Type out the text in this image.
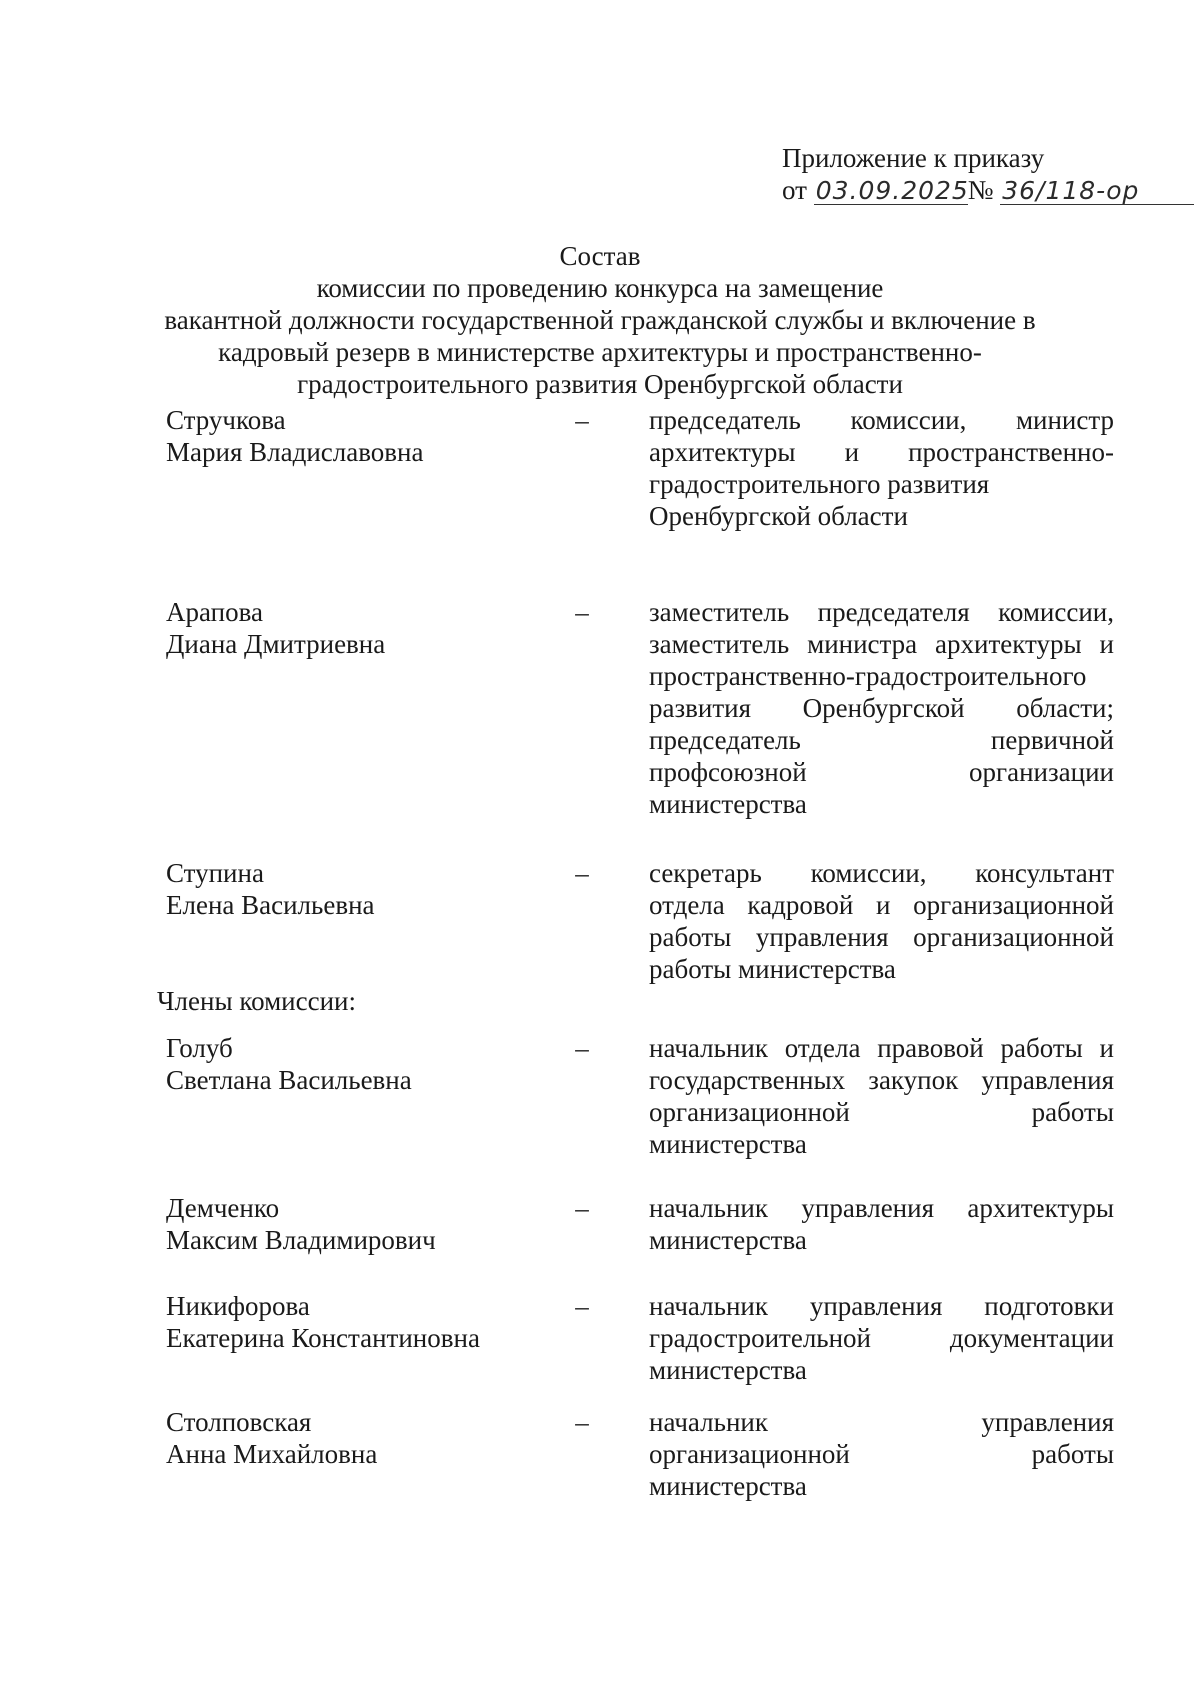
Приложение к приказу
от 03.09.2025№ 36/118-ор
Состав
комиссии по проведению конкурса на замещение
вакантной должности государственной гражданской службы и включение в
кадровый резерв в министерстве архитектуры и пространственно-
градостроительного развития Оренбургской области
Стручкова
Мария Владиславовна
–	председатель комиссии, министр
архитектуры и пространственно-
градостроительного развития
Оренбургской области
Арапова
Диана Дмитриевна
–	заместитель председателя комиссии,
заместитель министра архитектуры и
пространственно-градостроительного
развития Оренбургской области;
председатель первичной
профсоюзной организации
министерства
Ступина
Елена Васильевна
–	секретарь комиссии, консультант
отдела кадровой и организационной
работы управления организационной
работы министерства
Члены комиссии:
Голуб
Светлана Васильевна
–	начальник отдела правовой работы и
государственных закупок управления
организационной работы
министерства
Демченко
Максим Владимирович
–	начальник управления архитектуры
министерства
Никифорова
Екатерина Константиновна
–	начальник управления подготовки
градостроительной документации
министерства
Столповская
Анна Михайловна
–	начальник управления
организационной работы
министерства
